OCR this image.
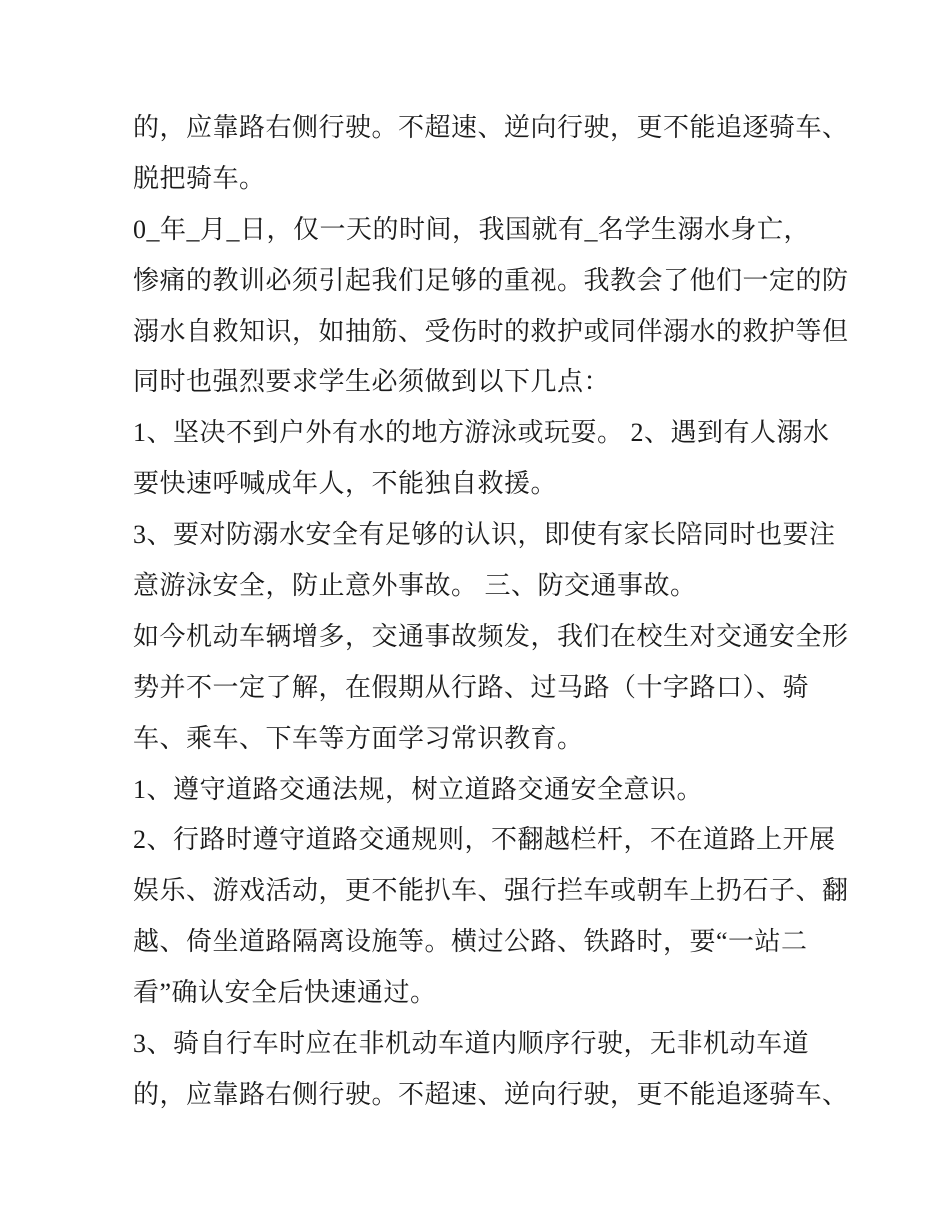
的，应靠路右侧行驶。不超速、逆向行驶，更不能追逐骑车、
脱把骑车。
0_年_月_日，仅一天的时间，我国就有_名学生溺水身亡，
惨痛的教训必须引起我们足够的重视。我教会了他们一定的防
溺水自救知识，如抽筋、受伤时的救护或同伴溺水的救护等但
同时也强烈要求学生必须做到以下几点：
1、坚决不到户外有水的地方游泳或玩耍。 2、遇到有人溺水
要快速呼喊成年人，不能独自救援。
3、要对防溺水安全有足够的认识，即使有家长陪同时也要注
意游泳安全，防止意外事故。 三、防交通事故。
如今机动车辆增多，交通事故频发，我们在校生对交通安全形
势并不一定了解，在假期从行路、过马路（十字路口）、骑
车、乘车、下车等方面学习常识教育。
1、遵守道路交通法规，树立道路交通安全意识。
2、行路时遵守道路交通规则，不翻越栏杆，不在道路上开展
娱乐、游戏活动，更不能扒车、强行拦车或朝车上扔石子、翻
越、倚坐道路隔离设施等。横过公路、铁路时，要“一站二
看”确认安全后快速通过。
3、骑自行车时应在非机动车道内顺序行驶，无非机动车道
的，应靠路右侧行驶。不超速、逆向行驶，更不能追逐骑车、
